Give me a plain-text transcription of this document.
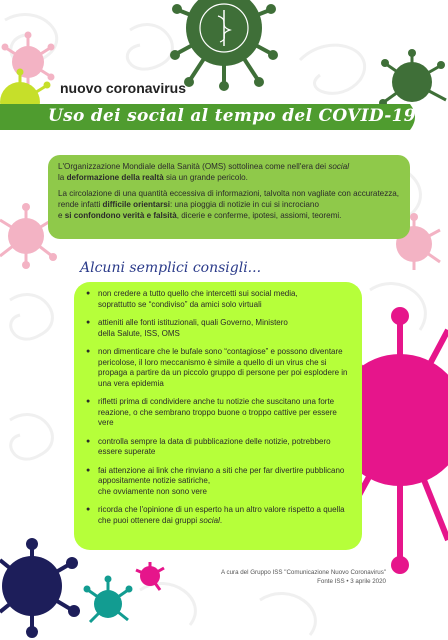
nuovo coronavirus
Uso dei social al tempo del COVID-19

L'Organizzazione Mondiale della Sanità (OMS) sottolinea come nell'era dei social
la deformazione della realtà sia un grande pericolo.

La circolazione di una quantità eccessiva di informazioni, talvolta non vagliate con accuratezza, rende infatti difficile orientarsi: una pioggia di notizie in cui si incrociano
e si confondono verità e falsità, dicerie e conferme, ipotesi, assiomi, teoremi.

Alcuni semplici consigli...
● non credere a tutto quello che intercetti sui social media,
soprattutto se “condiviso” da amici solo virtuali
● attieniti alle fonti istituzionali, quali Governo, Ministero
della Salute, ISS, OMS
● non dimenticare che le bufale sono “contagiose” e possono diventare pericolose, il loro meccanismo è simile a quello di un virus che si propaga a partire da un piccolo gruppo di persone per poi esplodere in una vera epidemia
● rifletti prima di condividere anche tu notizie che suscitano una forte reazione, o che sembrano troppo buone o troppo cattive per essere vere
● controlla sempre la data di pubblicazione delle notizie, potrebbero essere superate
● fai attenzione ai link che rinviano a siti che per far divertire pubblicano appositamente notizie satiriche,
che ovviamente non sono vere
● ricorda che l'opinione di un esperto ha un altro valore rispetto a quella che puoi ottenere dai gruppi social.
A cura del Gruppo ISS "Comunicazione Nuovo Coronavirus"
Fonte ISS • 3 aprile 2020
